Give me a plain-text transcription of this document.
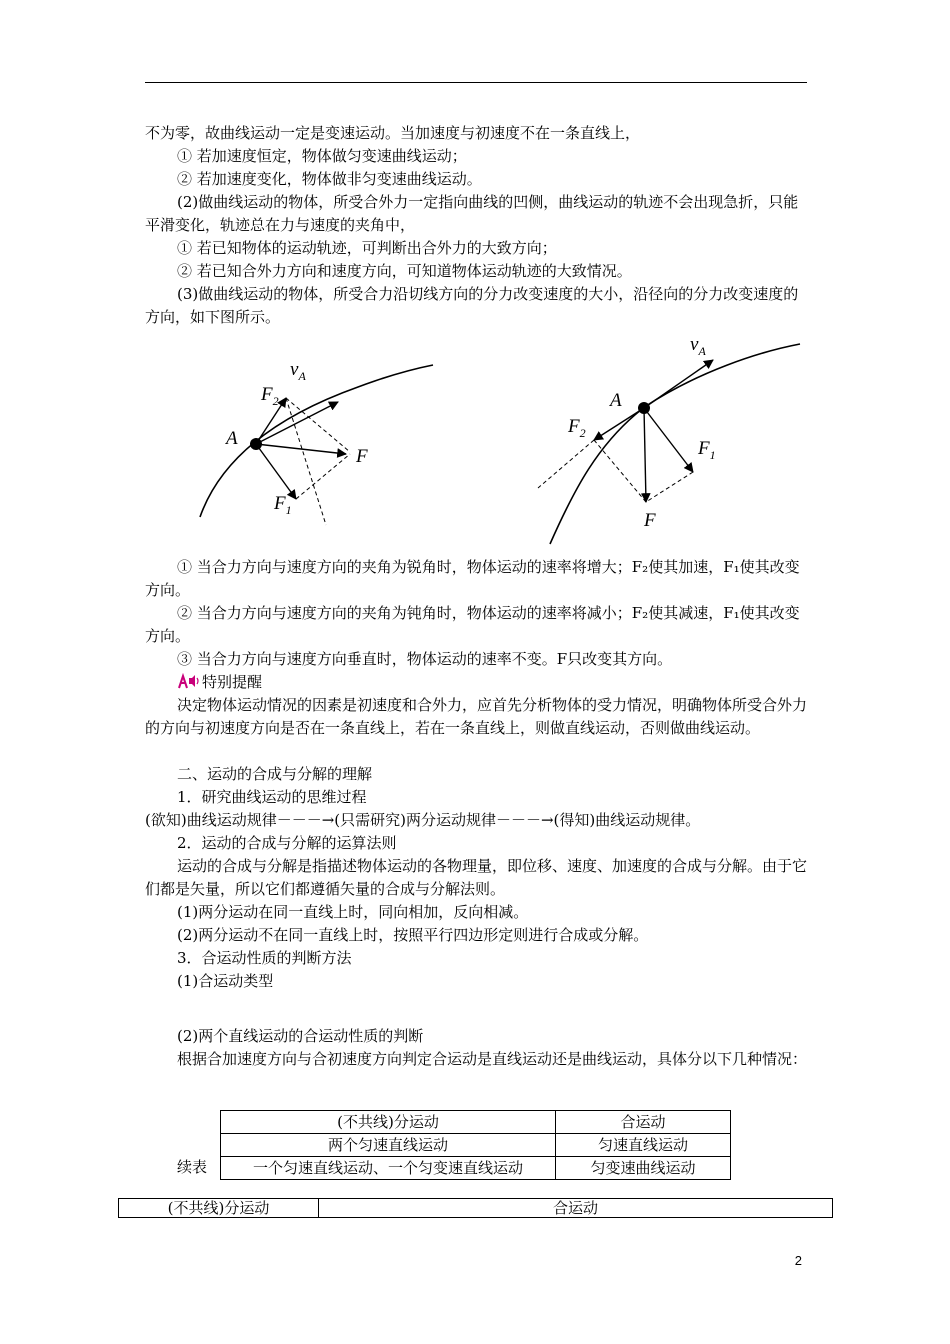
不为零，故曲线运动一定是变速运动。当加速度与初速度不在一条直线上，
① 若加速度恒定，物体做匀变速曲线运动；
② 若加速度变化，物体做非匀变速曲线运动。
(2)做曲线运动的物体，所受合外力一定指向曲线的凹侧，曲线运动的轨迹不会出现急折，只能平滑变化，轨迹总在力与速度的夹角中，
① 若已知物体的运动轨迹，可判断出合外力的大致方向；
② 若已知合外力方向和速度方向，可知道物体运动轨迹的大致情况。
(3)做曲线运动的物体，所受合力沿切线方向的分力改变速度的大小，沿径向的分力改变速度的方向，如下图所示。
$v_A$
$F_2$
A
F
$F_1$
$v_A$
A
$F_2$
$F_1$
F
① 当合力方向与速度方向的夹角为锐角时，物体运动的速率将增大；F₂使其加速，F₁使其改变方向。
② 当合力方向与速度方向的夹角为钝角时，物体运动的速率将减小；F₂使其减速，F₁使其改变方向。
③ 当合力方向与速度方向垂直时，物体运动的速率不变。F只改变其方向。
特别提醒
决定物体运动情况的因素是初速度和合外力，应首先分析物体的受力情况，明确物体所受合外力的方向与初速度方向是否在一条直线上，若在一条直线上，则做直线运动，否则做曲线运动。
二、运动的合成与分解的理解
1．研究曲线运动的思维过程
(欲知)曲线运动规律－－－→(只需研究)两分运动规律－－－→(得知)曲线运动规律。
2．运动的合成与分解的运算法则
运动的合成与分解是指描述物体运动的各物理量，即位移、速度、加速度的合成与分解。由于它们都是矢量，所以它们都遵循矢量的合成与分解法则。
(1)两分运动在同一直线上时，同向相加，反向相减。
(2)两分运动不在同一直线上时，按照平行四边形定则进行合成或分解。
3．合运动性质的判断方法
(1)合运动类型
(2)两个直线运动的合运动性质的判断
根据合加速度方向与合初速度方向判定合运动是直线运动还是曲线运动，具体分以下几种情况：
(不共线)分运动	合运动
两个匀速直线运动	匀速直线运动
一个匀速直线运动、一个匀变速直线运动	匀变速曲线运动
续表
(不共线)分运动	合运动
2
